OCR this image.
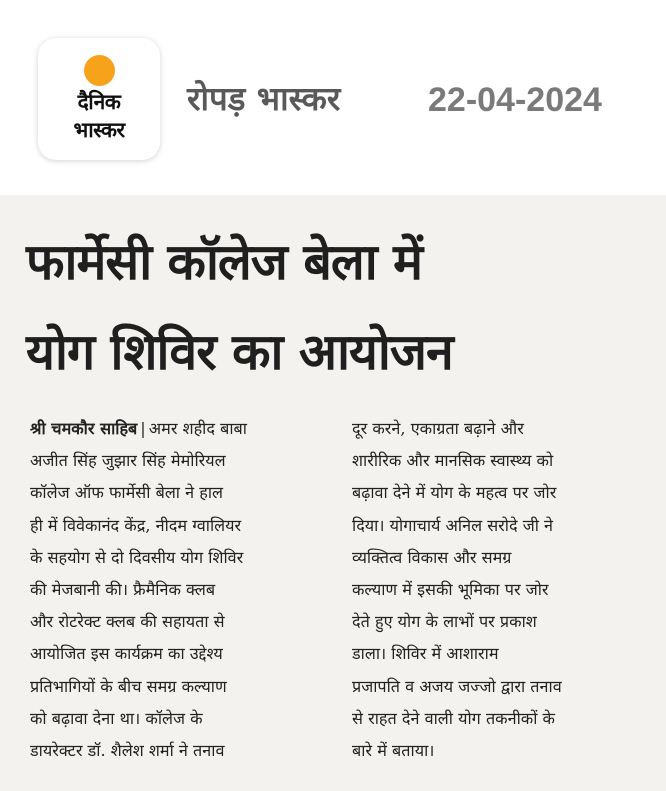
दैनिक
भास्कर
रोपड़ भास्कर	22-04-2024
फार्मेसी कॉलेज बेला में
योग शिविर का आयोजन
श्री चमकौर साहिब | अमर शहीद बाबा
अजीत सिंह जुझार सिंह मेमोरियल
कॉलेज ऑफ फार्मेसी बेला ने हाल
ही में विवेकानंद केंद्र, नीदम ग्वालियर
के सहयोग से दो दिवसीय योग शिविर
की मेजबानी की। फ्रैमैनिक क्लब
और रोटरेक्ट क्लब की सहायता से
आयोजित इस कार्यक्रम का उद्देश्य
प्रतिभागियों के बीच समग्र कल्याण
को बढ़ावा देना था। कॉलेज के
डायरेक्टर डॉ. शैलेश शर्मा ने तनाव
दूर करने, एकाग्रता बढ़ाने और
शारीरिक और मानसिक स्वास्थ्य को
बढ़ावा देने में योग के महत्व पर जोर
दिया। योगाचार्य अनिल सरोदे जी ने
व्यक्तित्व विकास और समग्र
कल्याण में इसकी भूमिका पर जोर
देते हुए योग के लाभों पर प्रकाश
डाला। शिविर में आशाराम
प्रजापति व अजय जज्जो द्वारा तनाव
से राहत देने वाली योग तकनीकों के
बारे में बताया।
